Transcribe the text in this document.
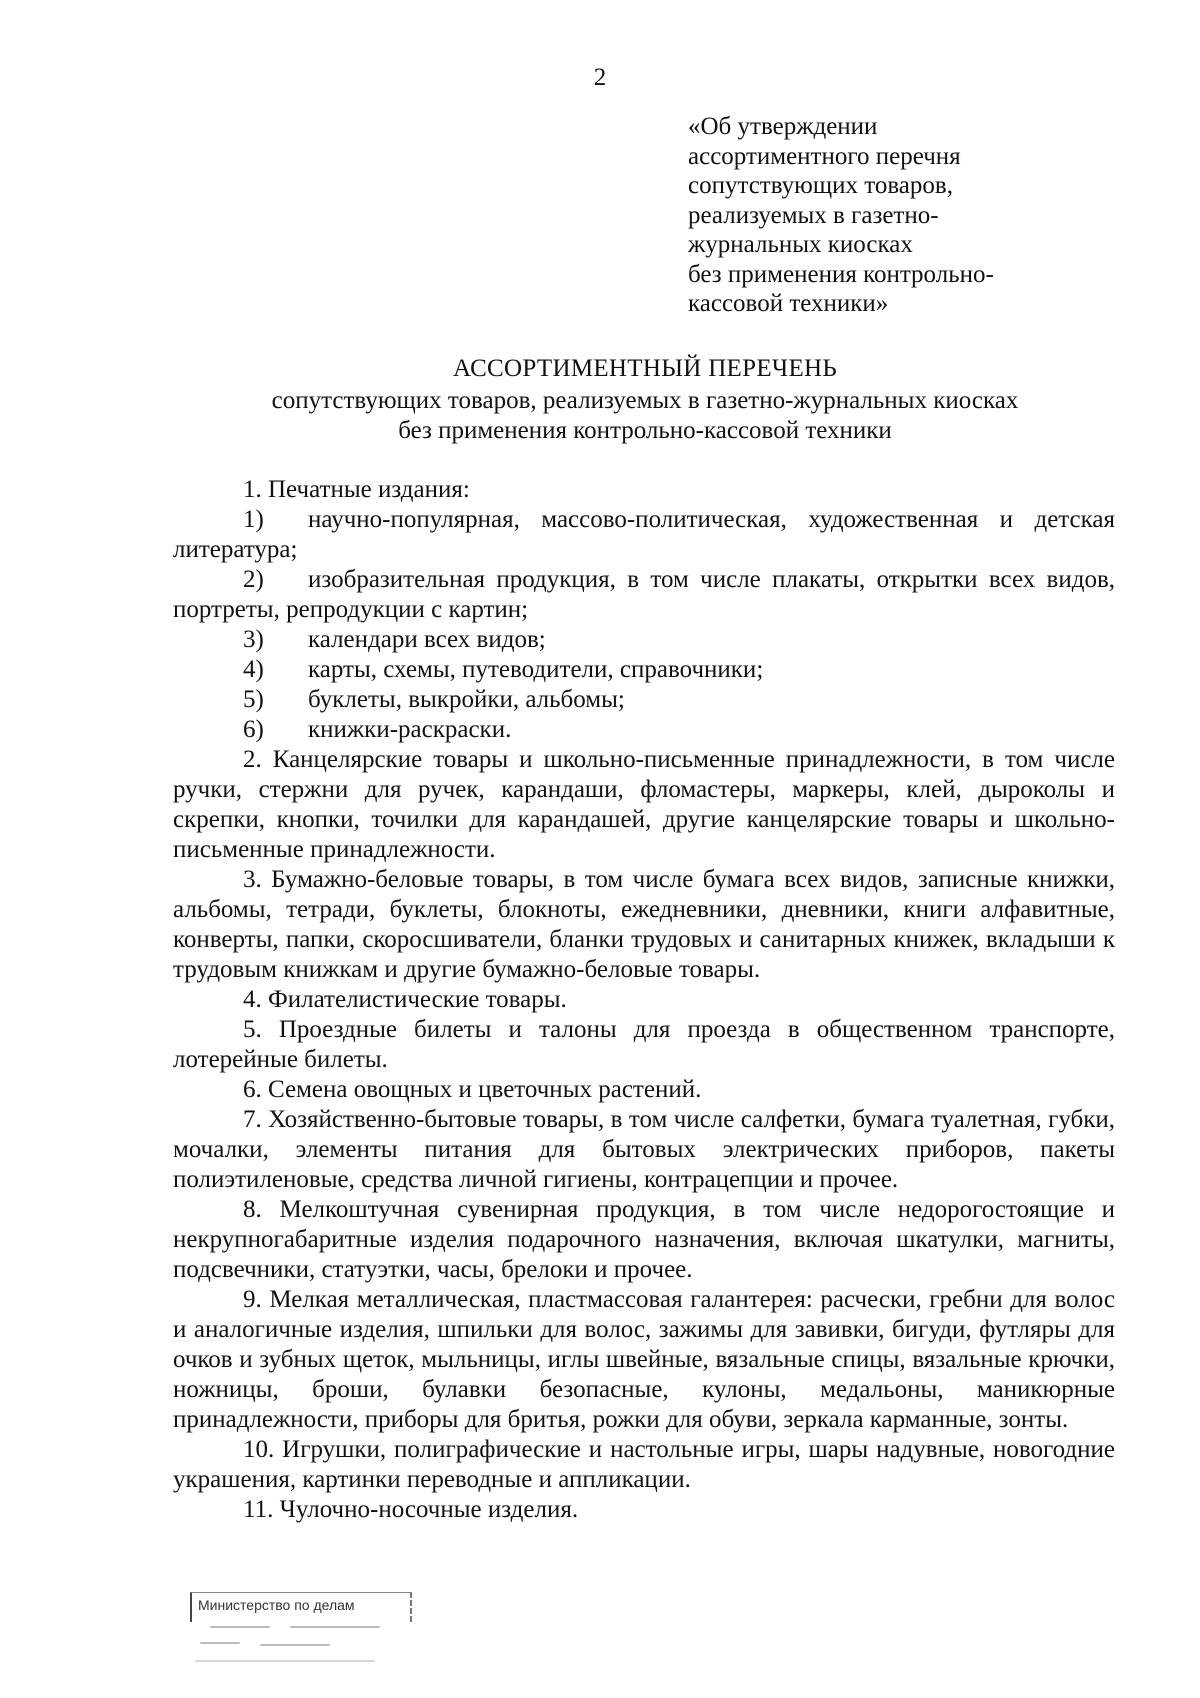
2
«Об утверждении
ассортиментного перечня
сопутствующих товаров,
реализуемых в газетно-
журнальных киосках
без применения контрольно-
кассовой техники»
АССОРТИМЕНТНЫЙ ПЕРЕЧЕНЬ
сопутствующих товаров, реализуемых в газетно-журнальных киосках
без применения контрольно-кассовой техники

1. Печатные издания:

1) научно-популярная, массово-политическая, художественная и детская литература;

2) изобразительная продукция, в том числе плакаты, открытки всех видов, портреты, репродукции с картин;

3) календари всех видов;

4) карты, схемы, путеводители, справочники;

5) буклеты, выкройки, альбомы;

6) книжки-раскраски.

2. Канцелярские товары и школьно-письменные принадлежности, в том числе ручки, стержни для ручек, карандаши, фломастеры, маркеры, клей, дыроколы и скрепки, кнопки, точилки для карандашей, другие канцелярские товары и школьно-письменные принадлежности.

3. Бумажно-беловые товары, в том числе бумага всех видов, записные книжки, альбомы, тетради, буклеты, блокноты, ежедневники, дневники, книги алфавитные, конверты, папки, скоросшиватели, бланки трудовых и санитарных книжек, вкладыши к трудовым книжкам и другие бумажно-беловые товары.

4. Филателистические товары.

5. Проездные билеты и талоны для проезда в общественном транспорте, лотерейные билеты.

6. Семена овощных и цветочных растений.

7. Хозяйственно-бытовые товары, в том числе салфетки, бумага туалетная, губки, мочалки, элементы питания для бытовых электрических приборов, пакеты полиэтиленовые, средства личной гигиены, контрацепции и прочее.

8. Мелкоштучная сувенирная продукция, в том числе недорогостоящие и некрупногабаритные изделия подарочного назначения, включая шкатулки, магниты, подсвечники, статуэтки, часы, брелоки и прочее.

9. Мелкая металлическая, пластмассовая галантерея: расчески, гребни для волос и аналогичные изделия, шпильки для волос, зажимы для завивки, бигуди, футляры для очков и зубных щеток, мыльницы, иглы швейные, вязальные спицы, вязальные крючки, ножницы, броши, булавки безопасные, кулоны, медальоны, маникюрные принадлежности, приборы для бритья, рожки для обуви, зеркала карманные, зонты.

10. Игрушки, полиграфические и настольные игры, шары надувные, новогодние украшения, картинки переводные и аппликации.

11. Чулочно-носочные изделия.

Министерство по делам
